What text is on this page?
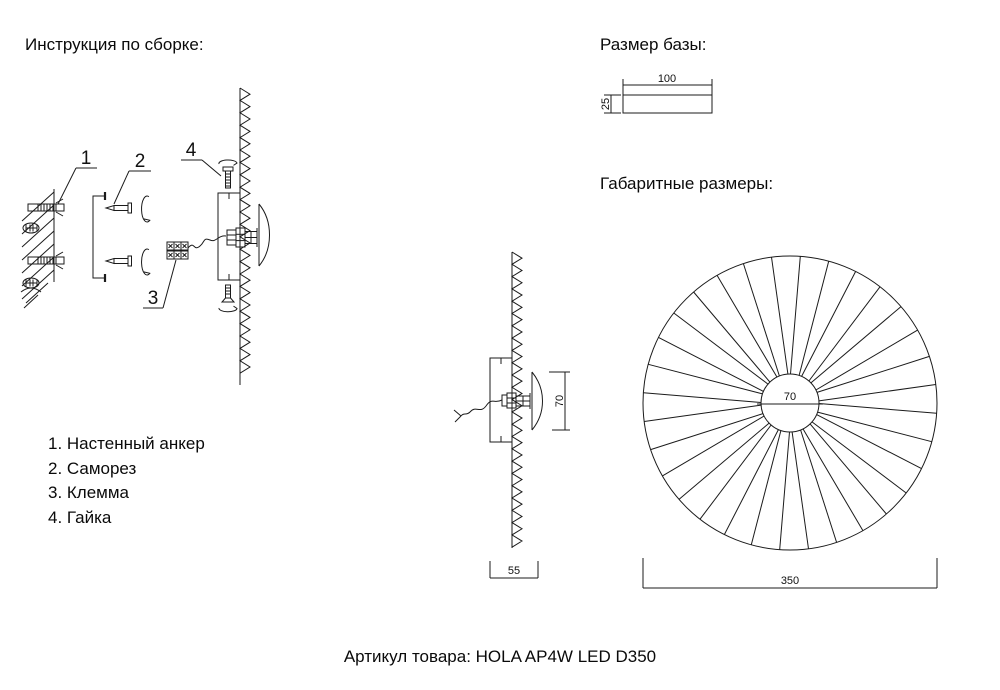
Инструкция по сборке:	Размер базы:
Габаритные размеры:
1 2
3
4
100
25
70
55
70
350
1. Настенный анкер
2. Саморез
3. Клемма
4. Гайка
Артикул товара: HOLA AP4W LED D350
